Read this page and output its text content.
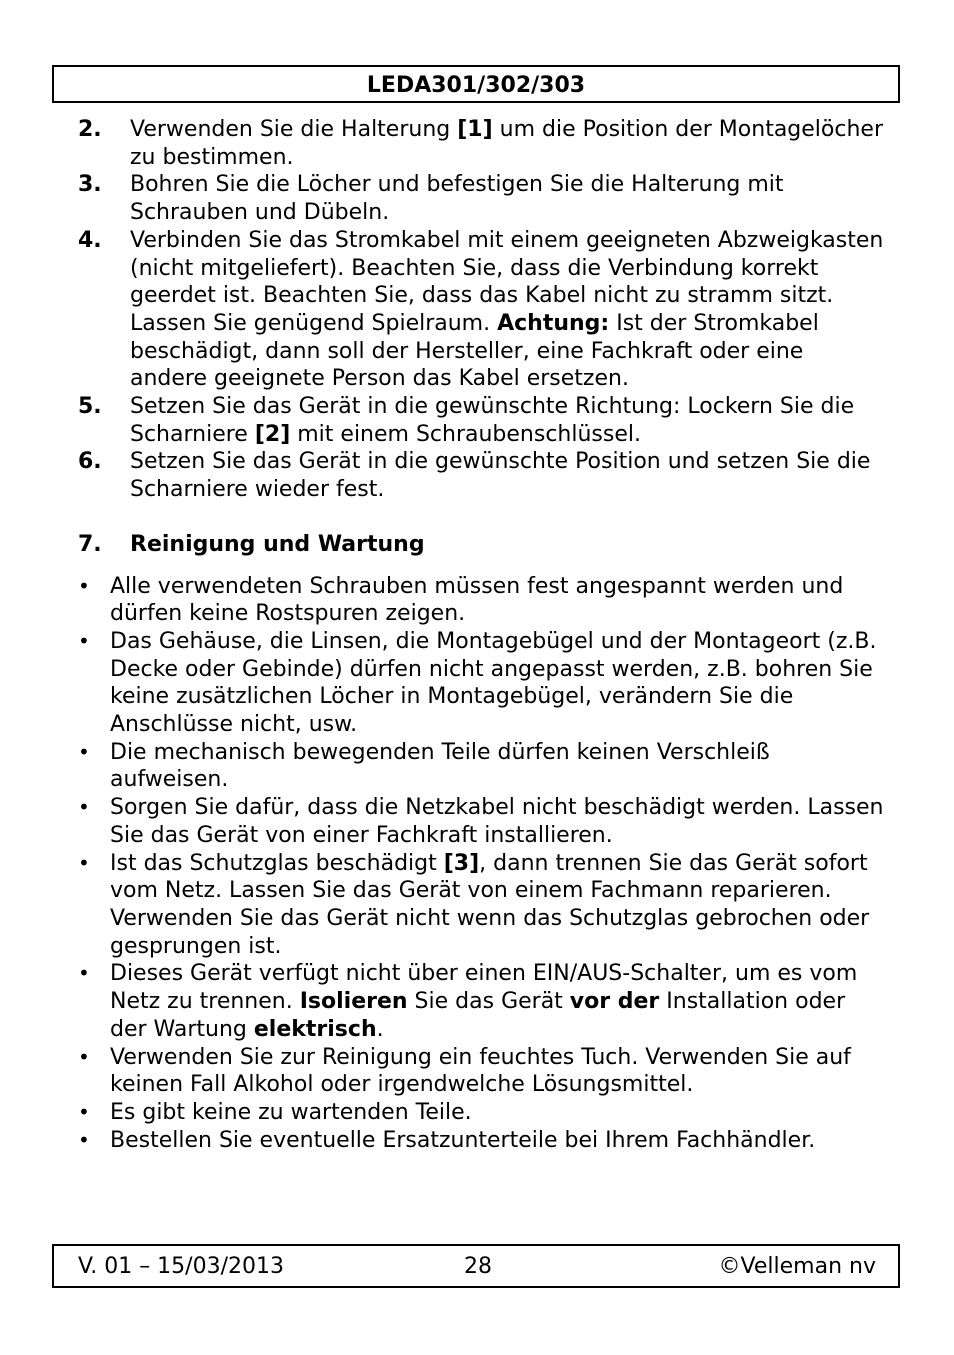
LEDA301/302/303
2. Verwenden Sie die Halterung [1] um die Position der Montagelöcher zu bestimmen.
3. Bohren Sie die Löcher und befestigen Sie die Halterung mit Schrauben und Dübeln.
4. Verbinden Sie das Stromkabel mit einem geeigneten Abzweigkasten (nicht mitgeliefert). Beachten Sie, dass die Verbindung korrekt geerdet ist. Beachten Sie, dass das Kabel nicht zu stramm sitzt. Lassen Sie genügend Spielraum. Achtung: Ist der Stromkabel beschädigt, dann soll der Hersteller, eine Fachkraft oder eine andere geeignete Person das Kabel ersetzen.
5. Setzen Sie das Gerät in die gewünschte Richtung: Lockern Sie die Scharniere [2] mit einem Schraubenschlüssel.
6. Setzen Sie das Gerät in die gewünschte Position und setzen Sie die Scharniere wieder fest.
7. Reinigung und Wartung
• Alle verwendeten Schrauben müssen fest angespannt werden und dürfen keine Rostspuren zeigen.
• Das Gehäuse, die Linsen, die Montagebügel und der Montageort (z.B. Decke oder Gebinde) dürfen nicht angepasst werden, z.B. bohren Sie keine zusätzlichen Löcher in Montagebügel, verändern Sie die Anschlüsse nicht, usw.
• Die mechanisch bewegenden Teile dürfen keinen Verschleiß aufweisen.
• Sorgen Sie dafür, dass die Netzkabel nicht beschädigt werden. Lassen Sie das Gerät von einer Fachkraft installieren.
• Ist das Schutzglas beschädigt [3], dann trennen Sie das Gerät sofort vom Netz. Lassen Sie das Gerät von einem Fachmann reparieren. Verwenden Sie das Gerät nicht wenn das Schutzglas gebrochen oder gesprungen ist.
• Dieses Gerät verfügt nicht über einen EIN/AUS-Schalter, um es vom Netz zu trennen. Isolieren Sie das Gerät vor der Installation oder der Wartung elektrisch.
• Verwenden Sie zur Reinigung ein feuchtes Tuch. Verwenden Sie auf keinen Fall Alkohol oder irgendwelche Lösungsmittel.
• Es gibt keine zu wartenden Teile.
• Bestellen Sie eventuelle Ersatzunterteile bei Ihrem Fachhändler.
V. 01 – 15/03/2013	28	©Velleman nv
